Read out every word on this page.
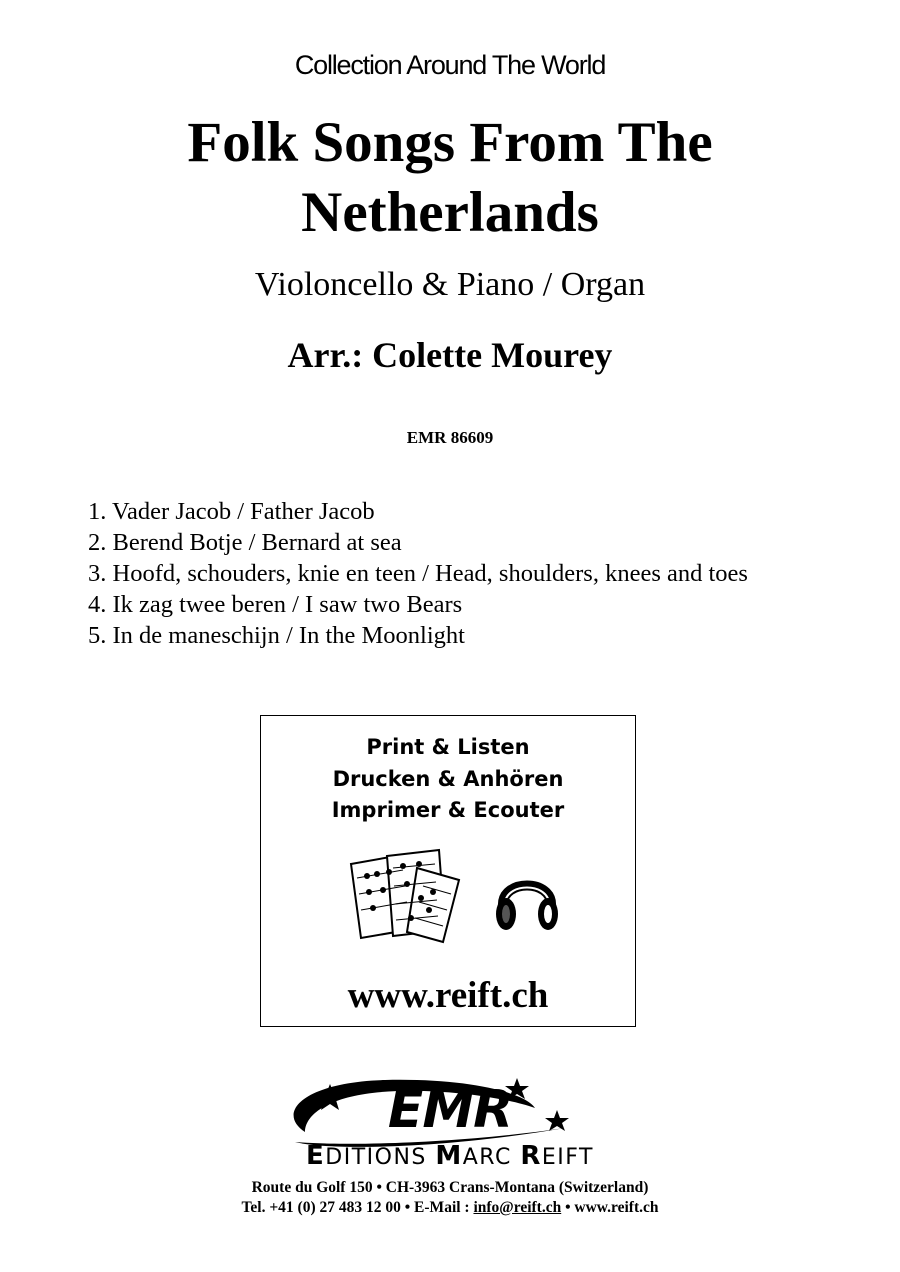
Collection Around The World
Folk Songs From The
Netherlands
Violoncello & Piano / Organ
Arr.: Colette Mourey
EMR 86609
1. Vader Jacob / Father Jacob
2. Berend Botje / Bernard at sea
3. Hoofd, schouders, knie en teen / Head, shoulders, knees and toes
4. Ik zag twee beren / I saw two Bears
5. In de maneschijn / In the Moonlight
Print & Listen
Drucken & Anhören
Imprimer & Ecouter
www.reift.ch
EMR
EDITIONS MARC REIFT
Route du Golf 150 • CH-3963 Crans-Montana (Switzerland)
Tel. +41 (0) 27 483 12 00 • E-Mail : info@reift.ch • www.reift.ch
